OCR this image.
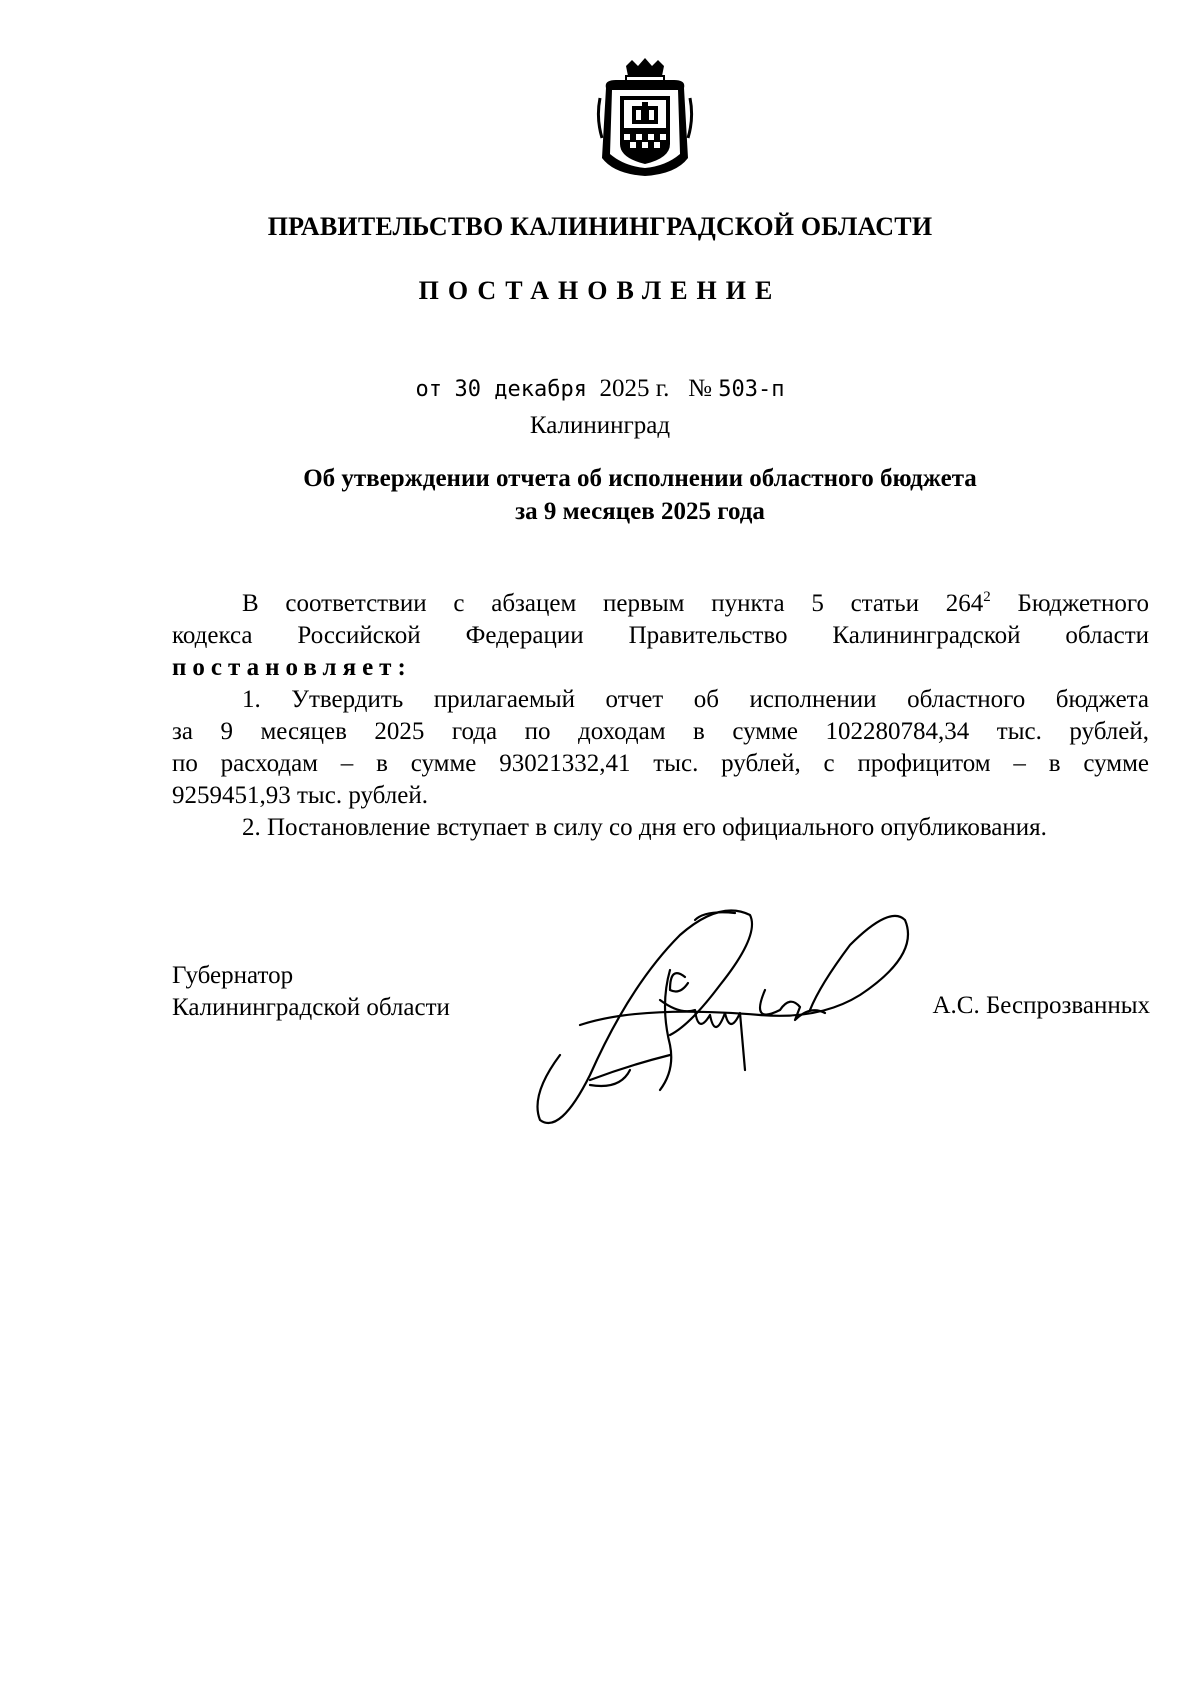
ПРАВИТЕЛЬСТВО КАЛИНИНГРАДСКОЙ ОБЛАСТИ
ПОСТАНОВЛЕНИЕ
от 30 декабря 2025 г. № 503-п
Калининград
Об утверждении отчета об исполнении областного бюджета
за 9 месяцев 2025 года
В соответствии с абзацем первым пункта 5 статьи $264^2$ Бюджетного
кодекса Российской Федерации Правительство Калининградской области
постановляет:
1. Утвердить прилагаемый отчет об исполнении областного бюджета
за 9 месяцев 2025 года по доходам в сумме 102280784,34 тыс. рублей,
по расходам – в сумме 93021332,41 тыс. рублей, с профицитом – в сумме
9259451,93 тыс. рублей.
2. Постановление вступает в силу со дня его официального опубликования.
Губернатор
Калининградской области	А.С. Беспрозванных
